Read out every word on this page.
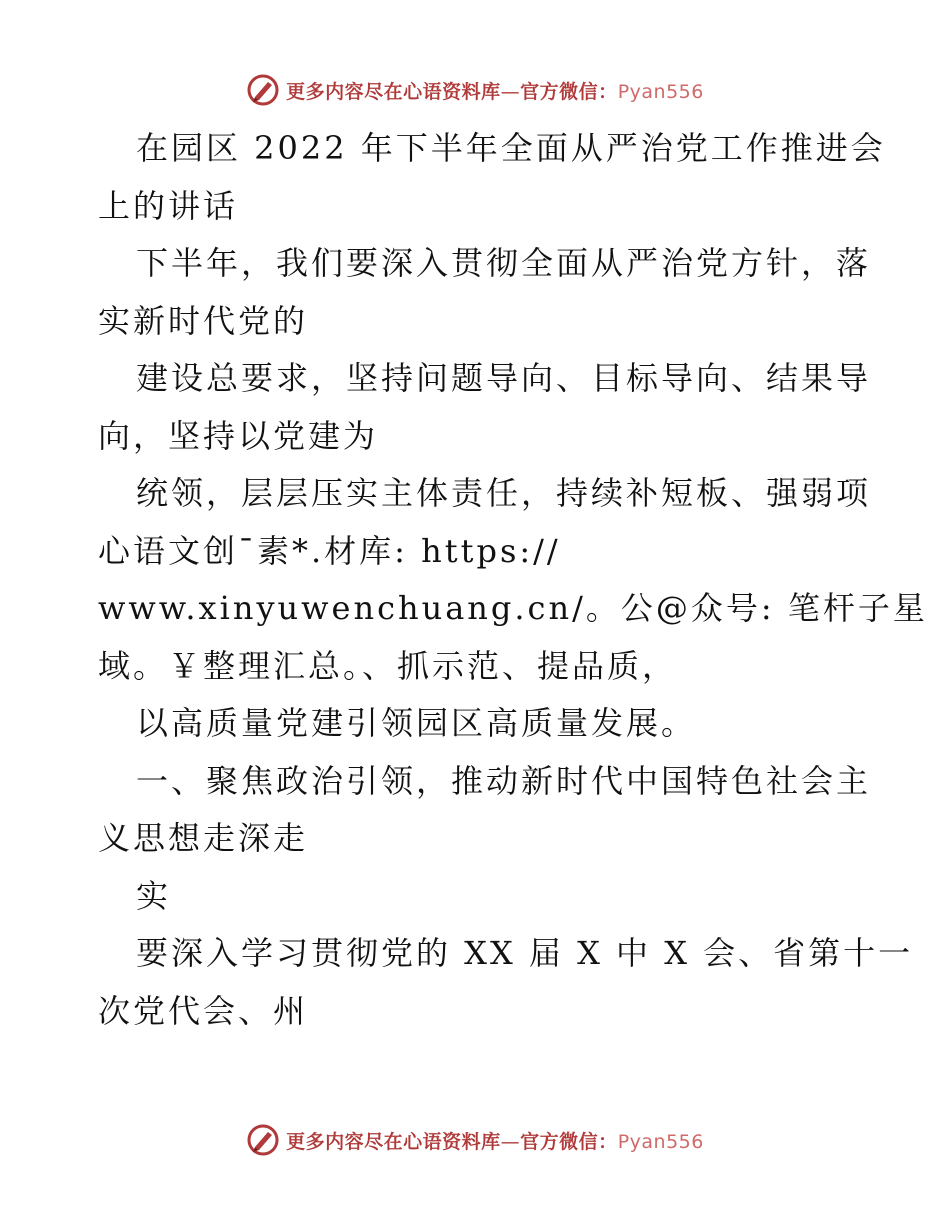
更多内容尽在心语资料库—官方微信：Pyan556
在园区 2022 年下半年全面从严治党工作推进会
上的讲话
下半年，我们要深入贯彻全面从严治党方针，落
实新时代党的
建设总要求，坚持问题导向、目标导向、结果导
向，坚持以党建为
统领，层层压实主体责任，持续补短板、强弱项
心语文创¯素*.材库: https://
www.xinyuwenchuang.cn/。公@众号: 笔杆子星
域。￥整理汇总。、抓示范、提品质，
以高质量党建引领园区高质量发展。
一、聚焦政治引领，推动新时代中国特色社会主
义思想走深走
实
要深入学习贯彻党的 XX 届 X 中 X 会、省第十一
次党代会、州
更多内容尽在心语资料库—官方微信：Pyan556
